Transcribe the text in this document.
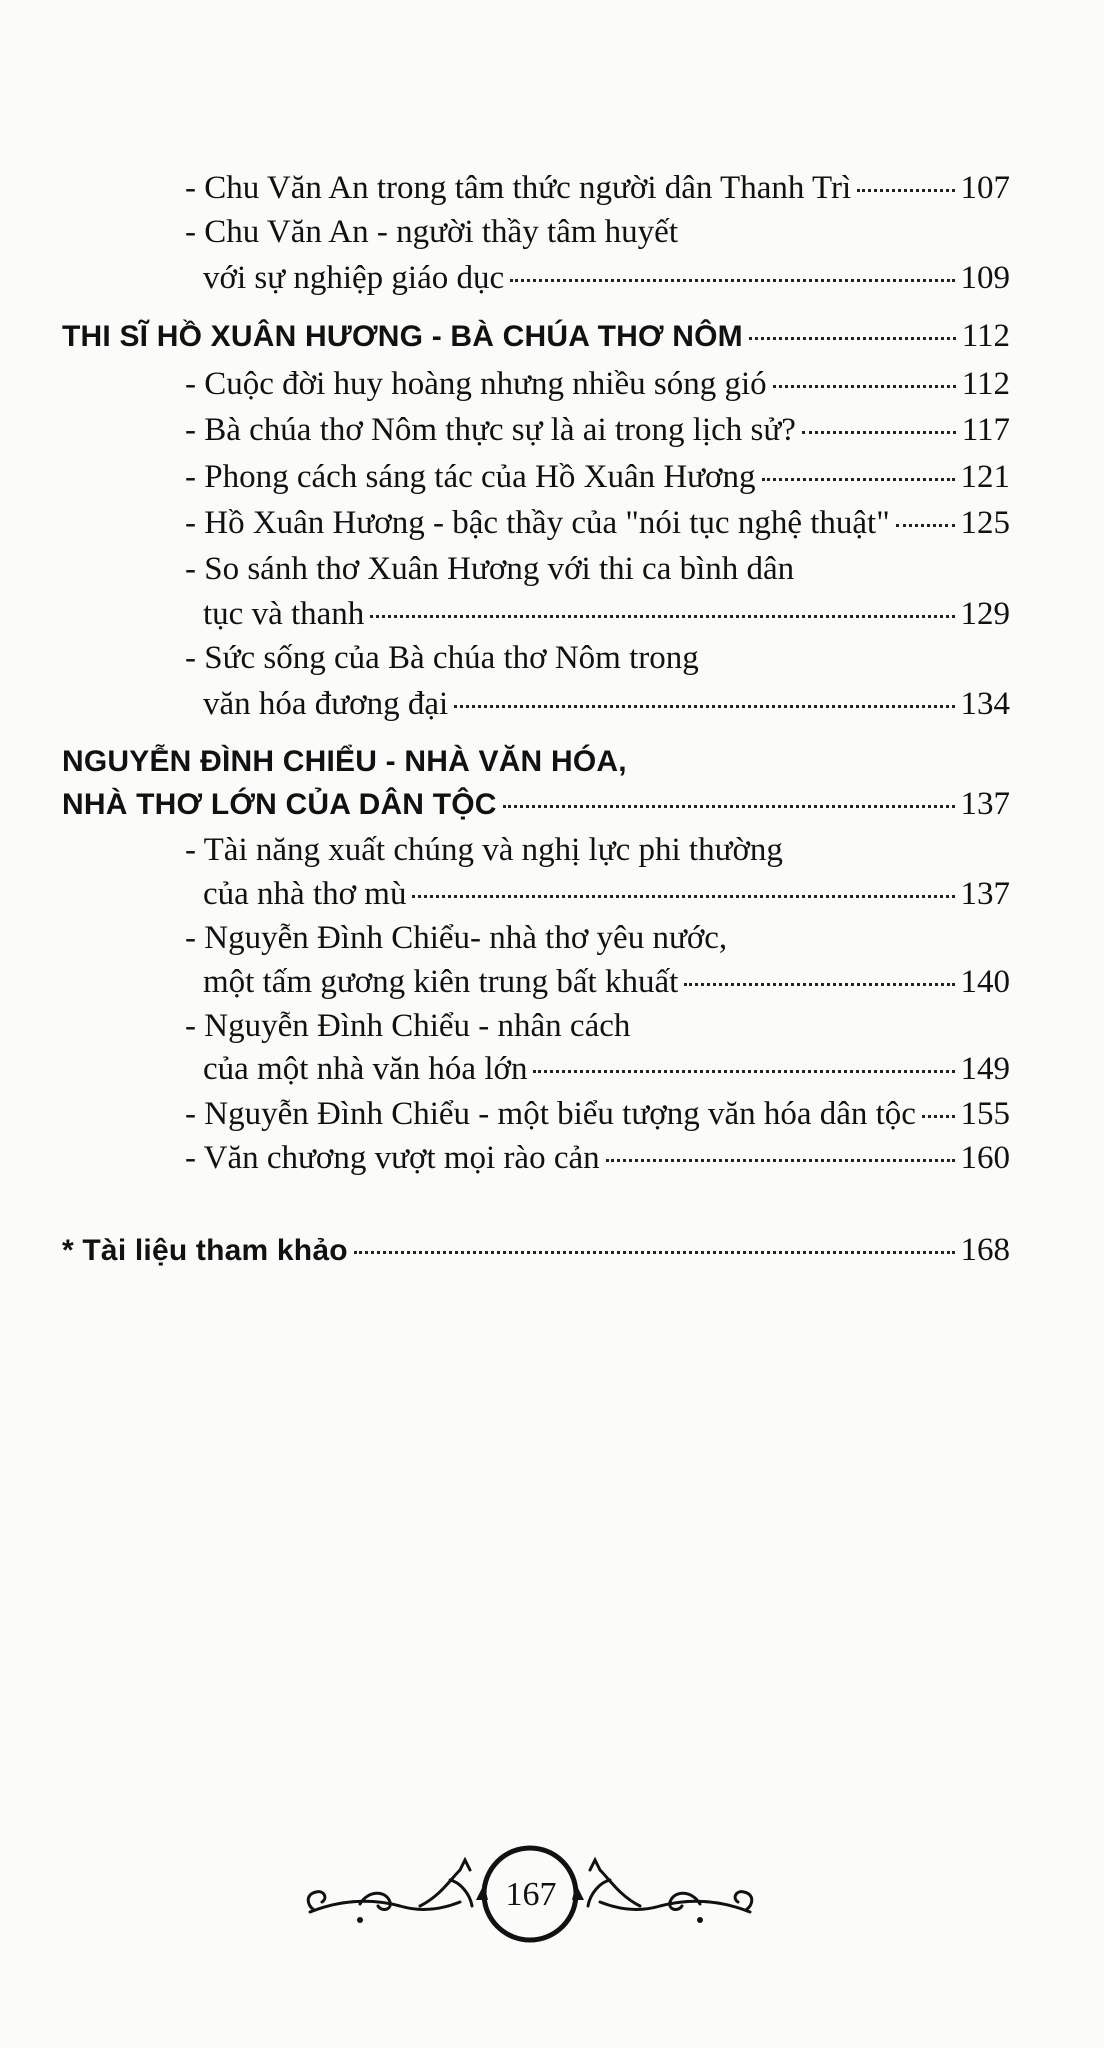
- Chu Văn An trong tâm thức người dân Thanh Trì	107
- Chu Văn An - người thầy tâm huyết
với sự nghiệp giáo dục	109
THI SĨ HỒ XUÂN HƯƠNG - BÀ CHÚA THƠ NÔM	112
- Cuộc đời huy hoàng nhưng nhiều sóng gió	112
- Bà chúa thơ Nôm thực sự là ai trong lịch sử?	117
- Phong cách sáng tác của Hồ Xuân Hương	121
- Hồ Xuân Hương - bậc thầy của "nói tục nghệ thuật" 125
- So sánh thơ Xuân Hương với thi ca bình dân
tục và thanh	129
- Sức sống của Bà chúa thơ Nôm trong
văn hóa đương đại	134
NGUYỄN ĐÌNH CHIỂU - NHÀ VĂN HÓA,
NHÀ THƠ LỚN CỦA DÂN TỘC	137
- Tài năng xuất chúng và nghị lực phi thường
của nhà thơ mù	137
- Nguyễn Đình Chiểu- nhà thơ yêu nước,
một tấm gương kiên trung bất khuất	140
- Nguyễn Đình Chiểu - nhân cách
của một nhà văn hóa lớn	149
- Nguyễn Đình Chiểu - một biểu tượng văn hóa dân tộc 155
- Văn chương vượt mọi rào cản	160
* Tài liệu tham khảo	168
167
